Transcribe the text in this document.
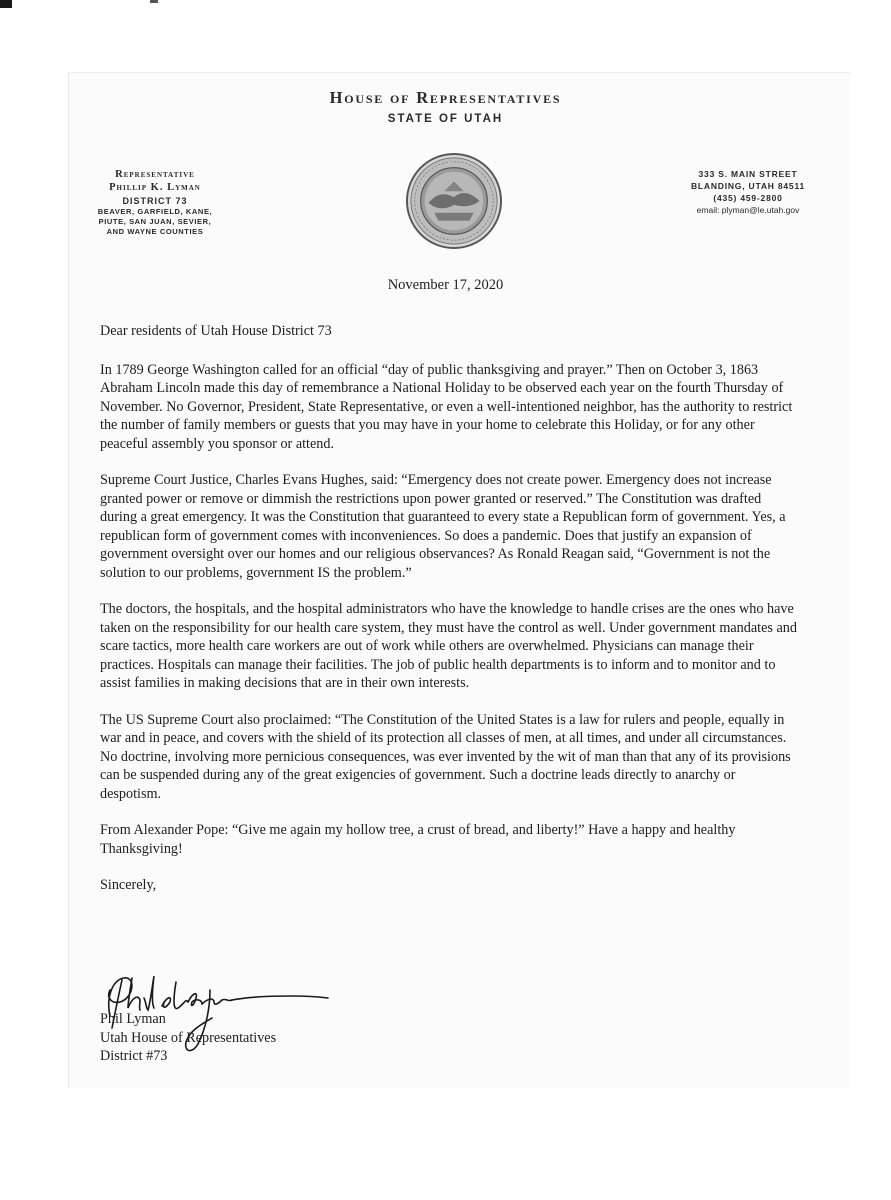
House of Representatives
STATE OF UTAH
Representative
Phillip K. Lyman
DISTRICT 73
BEAVER, GARFIELD, KANE,
PIUTE, SAN JUAN, SEVIER,
AND WAYNE COUNTIES
333 S. MAIN STREET
BLANDING, UTAH 84511
(435) 459-2800
email: plyman@le.utah.gov
November 17, 2020

Dear residents of Utah House District 73

In 1789 George Washington called for an official “day of public thanksgiving and prayer.” Then on October 3, 1863 Abraham Lincoln made this day of remembrance a National Holiday to be observed each year on the fourth Thursday of November. No Governor, President, State Representative, or even a well-intentioned neighbor, has the authority to restrict the number of family members or guests that you may have in your home to celebrate this Holiday, or for any other peaceful assembly you sponsor or attend.

Supreme Court Justice, Charles Evans Hughes, said: “Emergency does not create power. Emergency does not increase granted power or remove or dimmish the restrictions upon power granted or reserved.” The Constitution was drafted during a great emergency. It was the Constitution that guaranteed to every state a Republican form of government. Yes, a republican form of government comes with inconveniences. So does a pandemic. Does that justify an expansion of government oversight over our homes and our religious observances? As Ronald Reagan said, “Government is not the solution to our problems, government IS the problem.”

The doctors, the hospitals, and the hospital administrators who have the knowledge to handle crises are the ones who have taken on the responsibility for our health care system, they must have the control as well. Under government mandates and scare tactics, more health care workers are out of work while others are overwhelmed. Physicians can manage their practices. Hospitals can manage their facilities. The job of public health departments is to inform and to monitor and to assist families in making decisions that are in their own interests.

The US Supreme Court also proclaimed: “The Constitution of the United States is a law for rulers and people, equally in war and in peace, and covers with the shield of its protection all classes of men, at all times, and under all circumstances. No doctrine, involving more pernicious consequences, was ever invented by the wit of man than that any of its provisions can be suspended during any of the great exigencies of government. Such a doctrine leads directly to anarchy or despotism.

From Alexander Pope: “Give me again my hollow tree, a crust of bread, and liberty!” Have a happy and healthy Thanksgiving!

Sincerely,

Phil Lyman
Utah House of Representatives
District #73
